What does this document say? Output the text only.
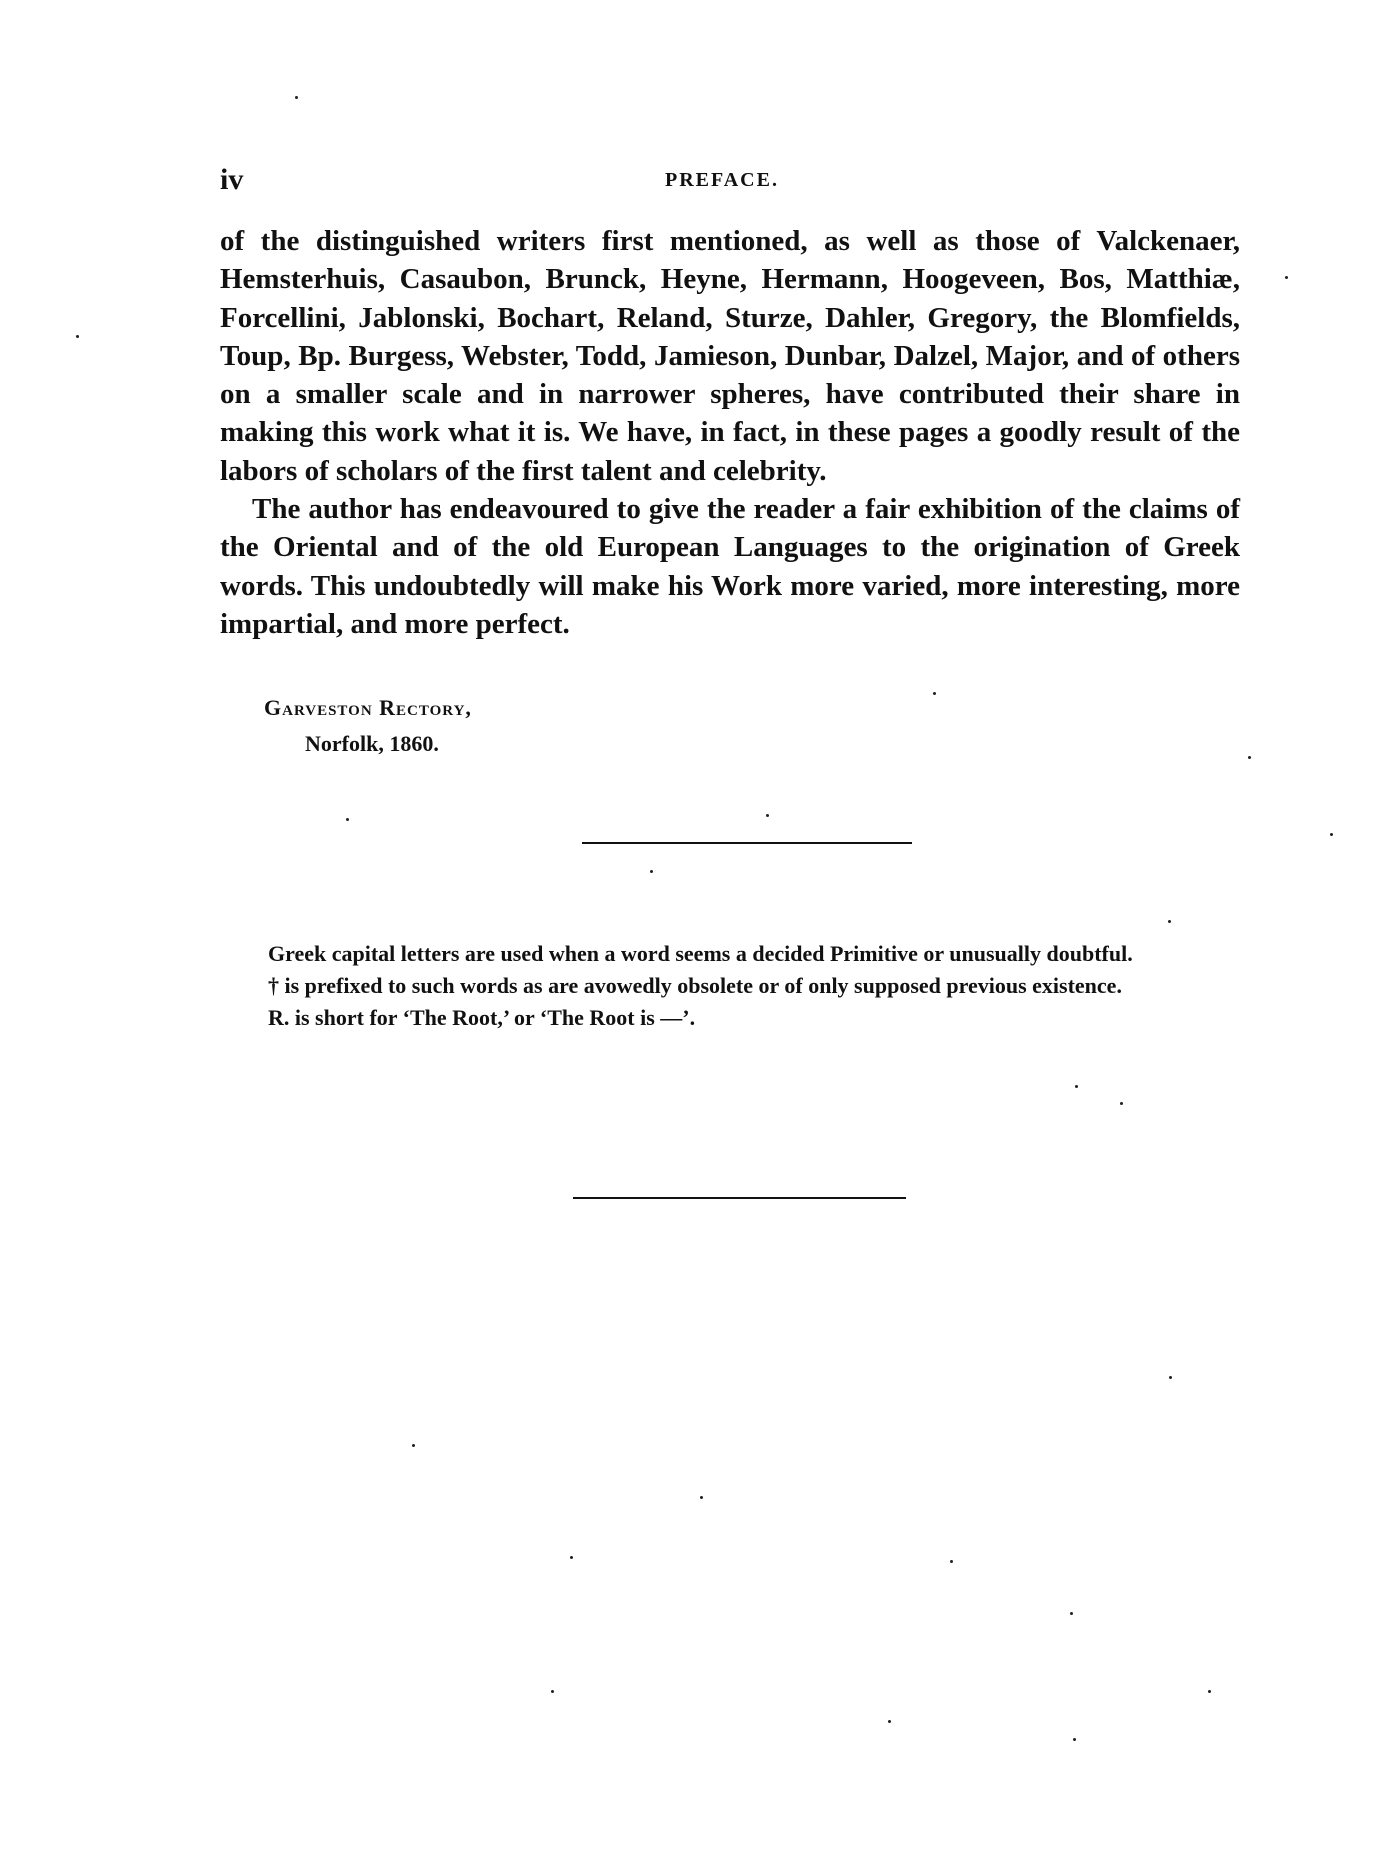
iv	PREFACE.

of the distinguished writers first mentioned, as well as those of Valckenaer, Hemsterhuis, Casaubon, Brunck, Heyne, Hermann, Hoogeveen, Bos, Matthiæ, Forcellini, Jablonski, Bochart, Reland, Sturze, Dahler, Gregory, the Blomfields, Toup, Bp. Burgess, Webster, Todd, Jamieson, Dunbar, Dalzel, Major, and of others on a smaller scale and in narrower spheres, have contributed their share in making this work what it is. We have, in fact, in these pages a goodly result of the labors of scholars of the first talent and celebrity.

The author has endeavoured to give the reader a fair exhibition of the claims of the Oriental and of the old European Languages to the origination of Greek words. This undoubtedly will make his Work more varied, more interesting, more impartial, and more perfect.

Garveston Rectory,
Norfolk, 1860.

Greek capital letters are used when a word seems a decided Primitive or unusually doubtful.

† is prefixed to such words as are avowedly obsolete or of only supposed previous existence.

R. is short for ‘The Root,’ or ‘The Root is —’.
